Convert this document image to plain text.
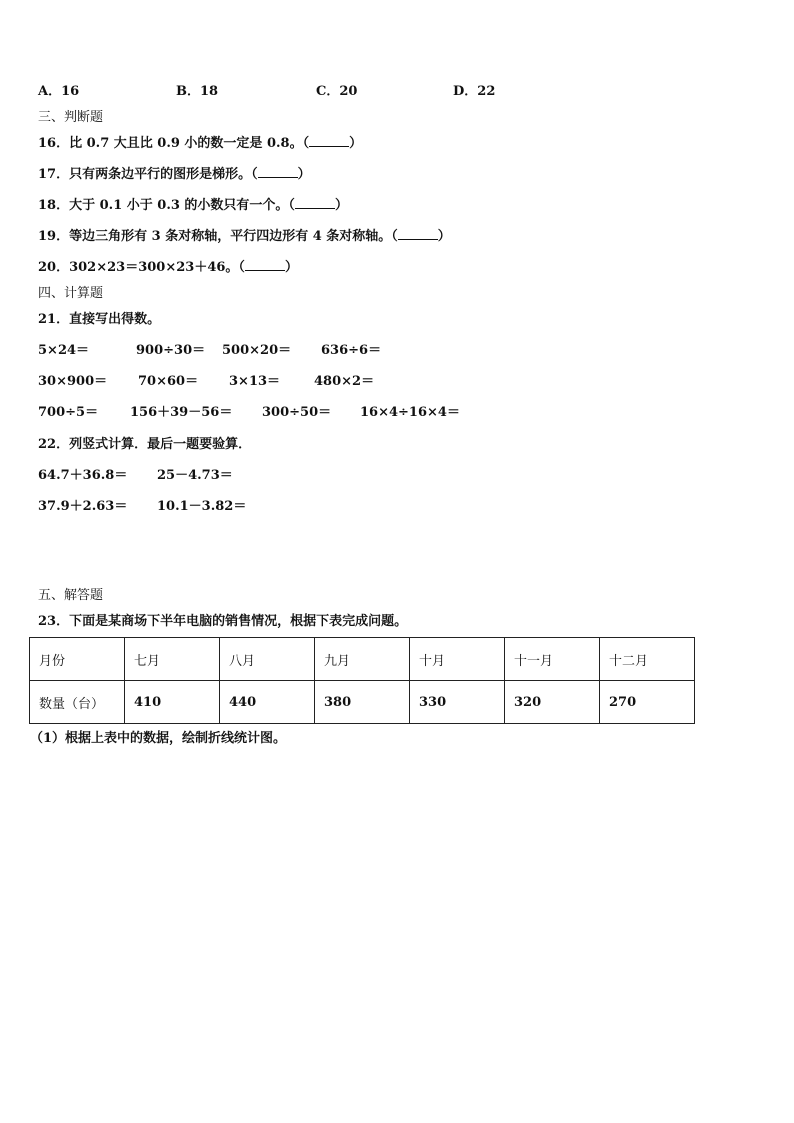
A．16	B．18	C．20	D．22
三、判断题
16．比 0.7 大且比 0.9 小的数一定是 0.8。（	）
17．只有两条边平行的图形是梯形。（	）
18．大于 0.1 小于 0.3 的小数只有一个。（	）
19．等边三角形有 3 条对称轴，平行四边形有 4 条对称轴。（	）
20．302×23＝300×23＋46。（	）
四、计算题
21．直接写出得数。
5×24＝	900÷30＝ 500×20＝ 636÷6＝
30×900＝ 70×60＝ 3×13＝	480×2＝
700÷5＝ 156＋39－56＝ 300÷50＝ 16×4÷16×4＝
22．列竖式计算．最后一题要验算．
64.7＋36.8＝ 25－4.73＝
37.9＋2.63＝ 10.1－3.82＝
五、解答题
23．下面是某商场下半年电脑的销售情况，根据下表完成问题。
月份	七月	八月	九月	十月	十一月	十二月
数量（台）	410	440	380	330	320	270
（1）根据上表中的数据，绘制折线统计图。
